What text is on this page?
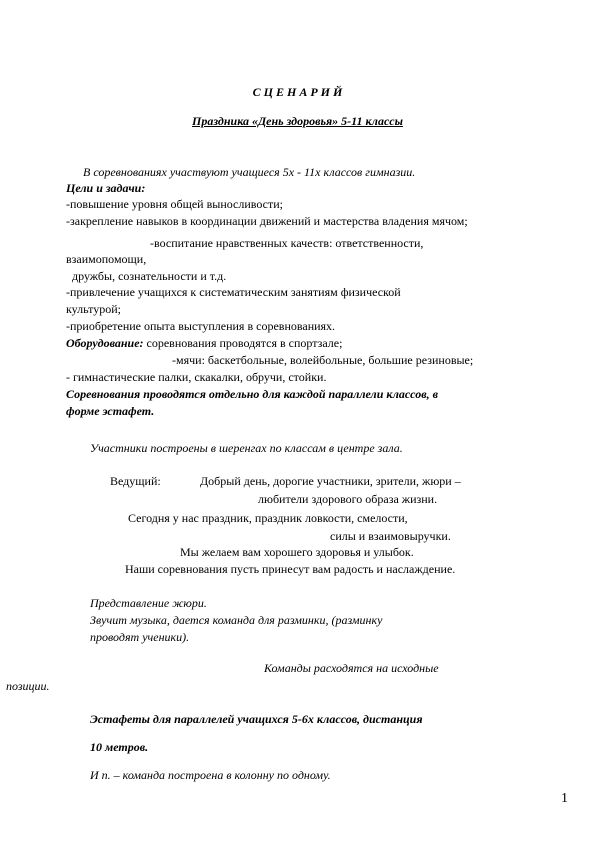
С Ц Е Н А Р И Й
Праздника «День здоровья» 5-11 классы
В соревнованиях участвуют учащиеся 5х - 11х классов гимназии.
Цели и задачи:
-повышение уровня общей выносливости;
-закрепление навыков в координации движений и мастерства владения мячом;
-воспитание нравственных качеств: ответственности,
взаимопомощи,
дружбы, сознательности и т.д.
-привлечение учащихся к систематическим занятиям физической
культурой;
-приобретение опыта выступления в соревнованиях.
Оборудование: соревнования проводятся в спортзале;
-мячи: баскетбольные, волейбольные, большие резиновые;
- гимнастические палки, скакалки, обручи, стойки.
Соревнования проводятся отдельно для каждой параллели классов, в
форме эстафет.
Участники построены в шеренгах по классам в центре зала.
Ведущий:	Добрый день, дорогие участники, зрители, жюри –
любители здорового образа жизни.
Сегодня у нас праздник, праздник ловкости, смелости,
силы и взаимовыручки.
Мы желаем вам хорошего здоровья и улыбок.
Наши соревнования пусть принесут вам радость и наслаждение.
Представление жюри.
Звучит музыка, дается команда для разминки, (разминку
проводят ученики).
Команды расходятся на исходные
позиции.
Эстафеты для параллелей учащихся 5-6х классов, дистанция
10 метров.
И п. – команда построена в колонну по одному.
1
